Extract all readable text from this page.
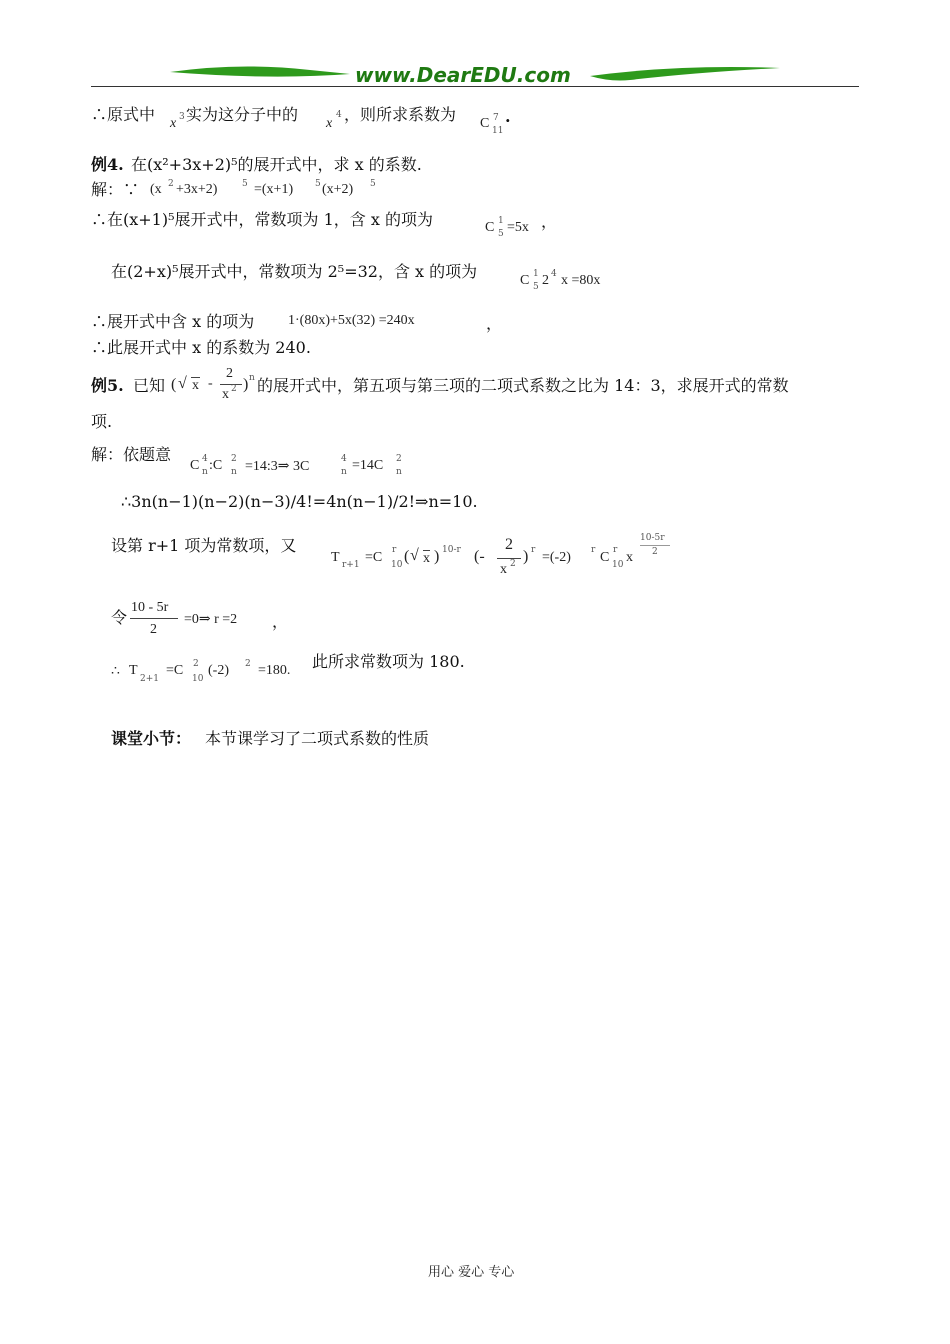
www.DearEDU.com
∴原式中 x 3 实为这分子中的 x
4 ，则所求系数为 C 7
11
.
例4. 在(x²+3x+2)⁵的展开式中，求 x 的系数.
解：∵ (x 2 +3x+2)	5 =(x+1) 5 (x+2) 5
∴在(x+1)⁵展开式中，常数项为 1，含 x 的项为	C 1
5 =5x ，
在(2+x)⁵展开式中，常数项为 2⁵=32，含 x 的项为	C 1
5 2 4 x =80x
∴展开式中含 x 的项为 1·(80x)+5x(32) =240x	，
∴此展开式中 x 的系数为 240.
例5. 已知 ( √ x -
2
x 2 ) n 的展开式中，第五项与第三项的二项式系数之比为 14：3，求展开式的常数
项.
解：依题意
C 4
n :C 2
n =14:3⇒ 3C	4
n =14C 2
n
∴3n(n−1)(n−2)(n−3)/4!=4n(n−1)/2!⇒n=10.
设第 r+1 项为常数项，又
T r+1 =C r
10 ( √ x ) 10-r (-
2
x 2 ) r =(-2) r C r
10 x
10-5r
2
令
10 - 5r
2
=0⇒ r =2 ，
∴ T
2+1
=C 2
10
(-2) 2 =180. 此所求常数项为 180.
课堂小节： 本节课学习了二项式系数的性质
用心 爱心 专心
